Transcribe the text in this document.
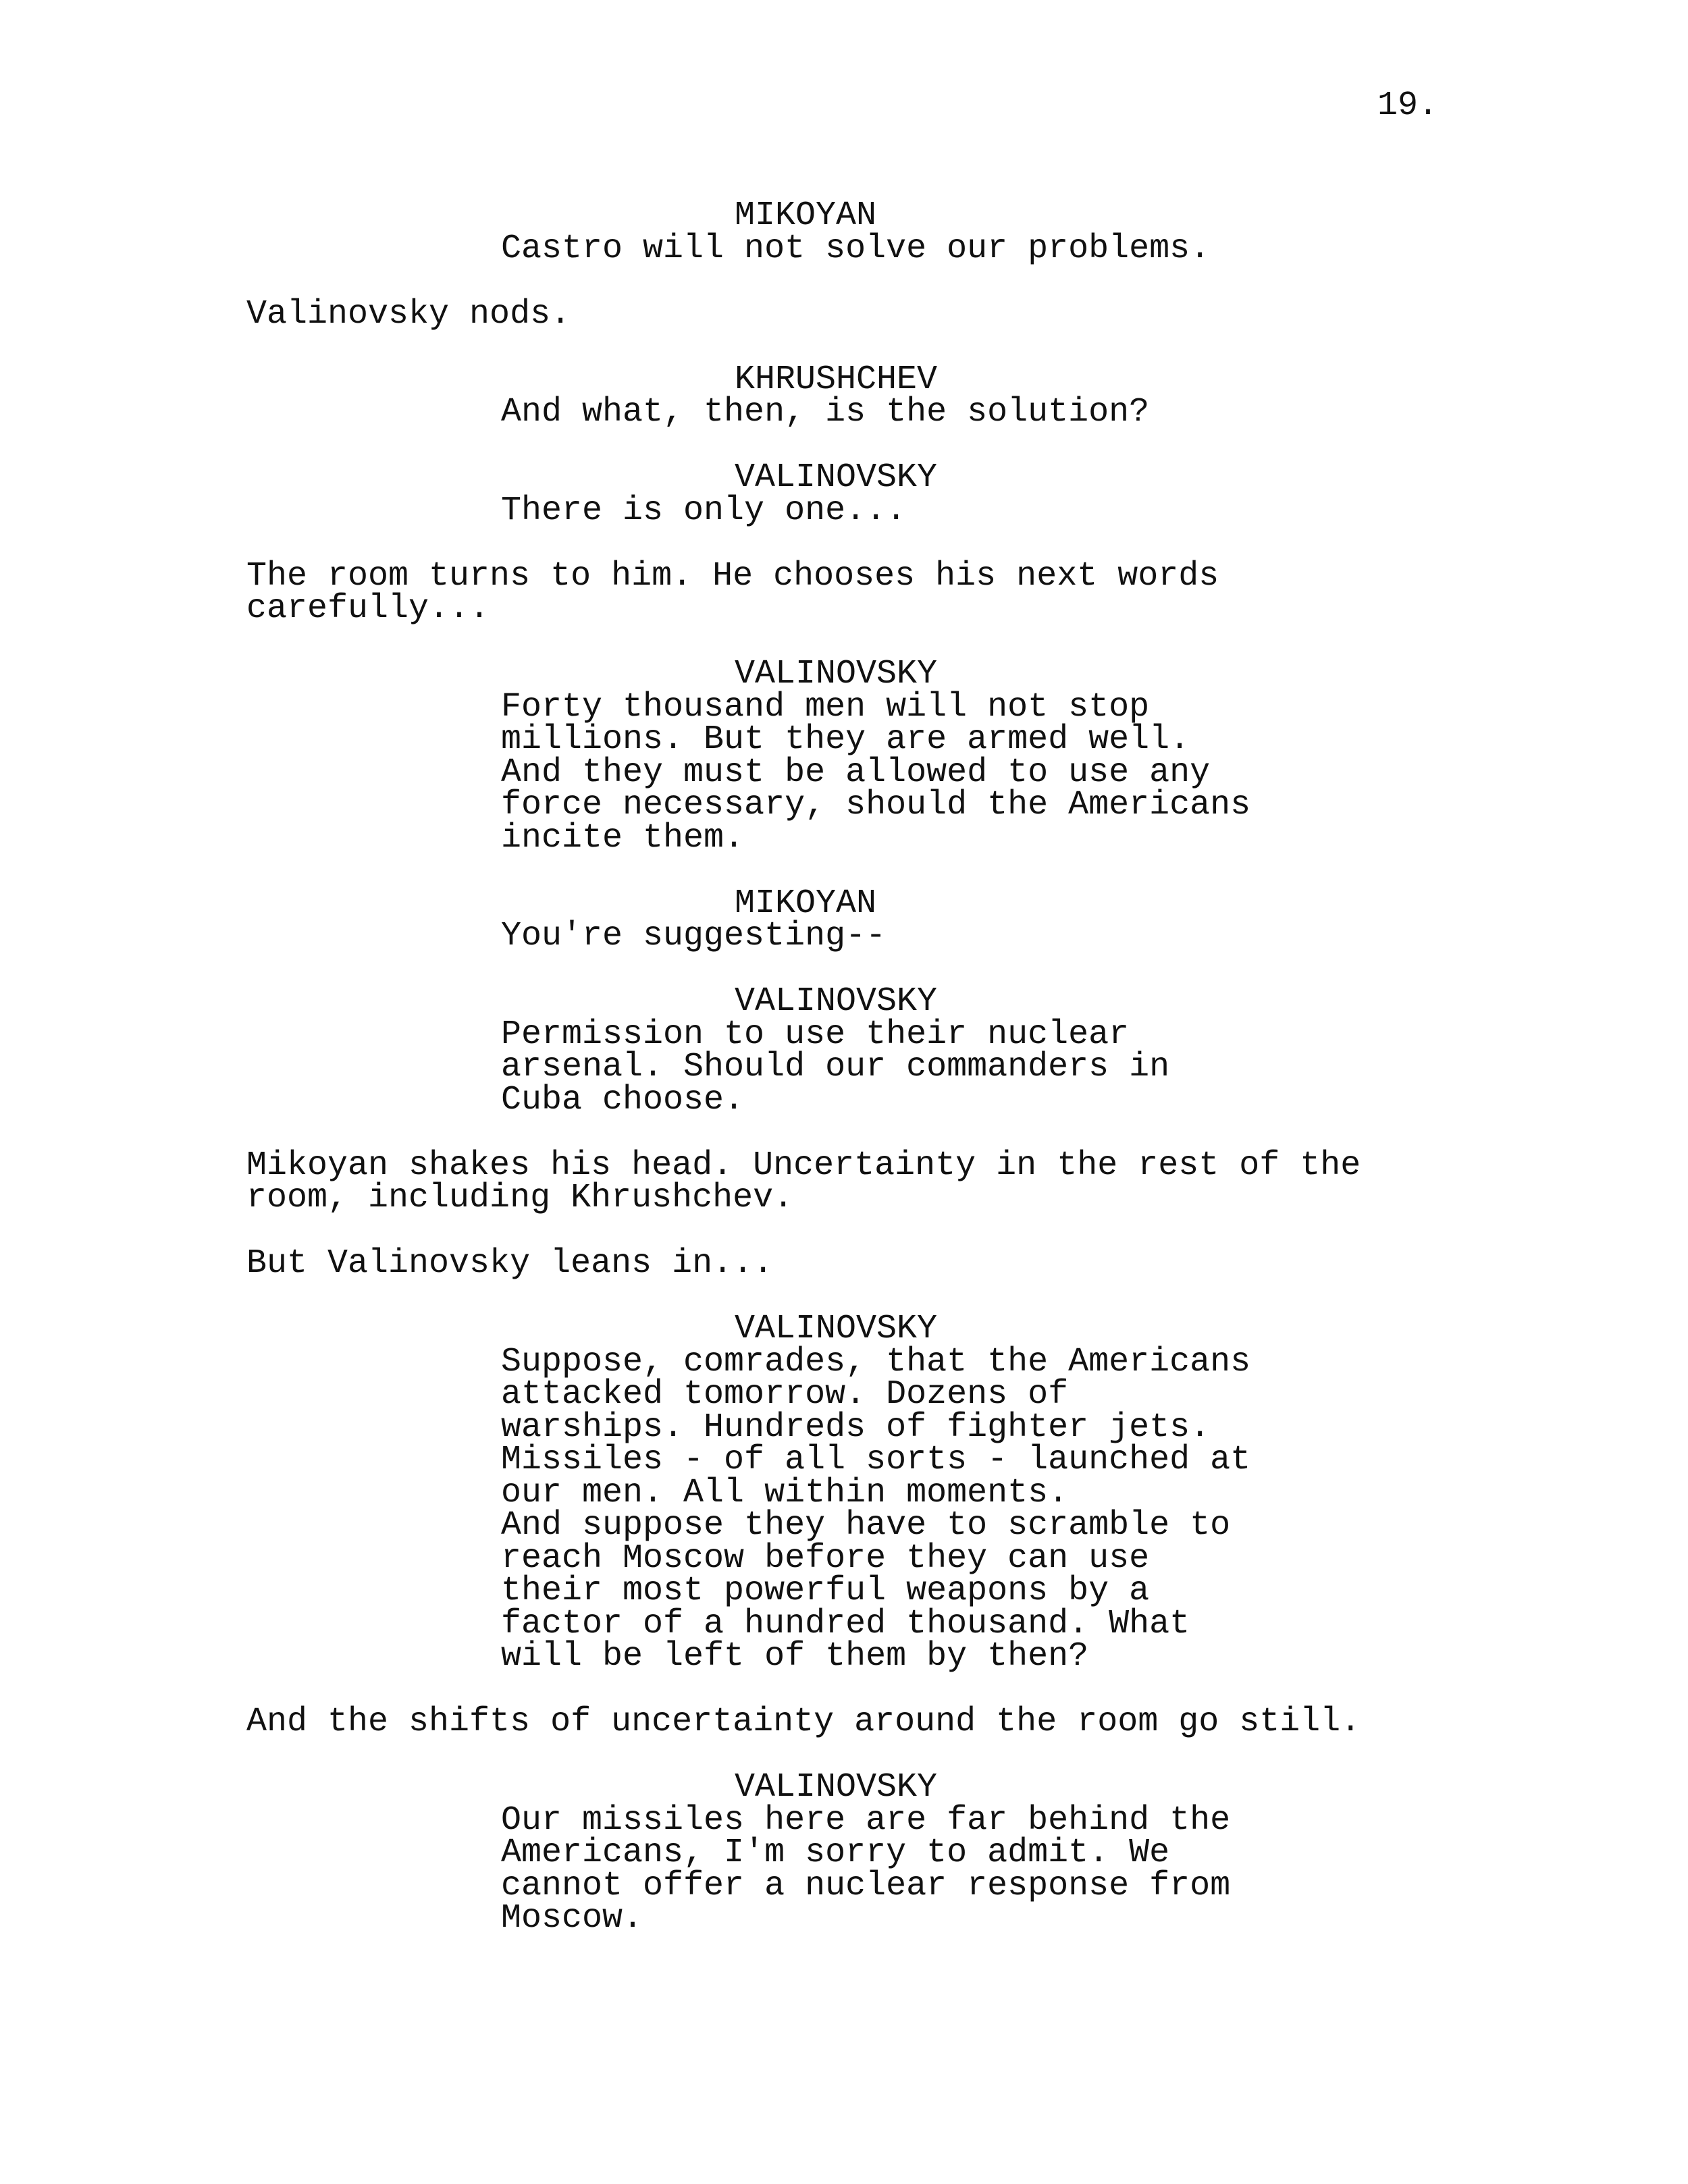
19.
MIKOYAN
Castro will not solve our problems.
Valinovsky nods.
KHRUSHCHEV
And what, then, is the solution?
VALINOVSKY
There is only one...
The room turns to him. He chooses his next words
carefully...
VALINOVSKY
Forty thousand men will not stop
millions. But they are armed well.
And they must be allowed to use any
force necessary, should the Americans
incite them.
MIKOYAN
You're suggesting--
VALINOVSKY
Permission to use their nuclear
arsenal. Should our commanders in
Cuba choose.
Mikoyan shakes his head. Uncertainty in the rest of the
room, including Khrushchev.
But Valinovsky leans in...
VALINOVSKY
Suppose, comrades, that the Americans
attacked tomorrow. Dozens of
warships. Hundreds of fighter jets.
Missiles - of all sorts - launched at
our men. All within moments.
And suppose they have to scramble to
reach Moscow before they can use
their most powerful weapons by a
factor of a hundred thousand. What
will be left of them by then?
And the shifts of uncertainty around the room go still.
VALINOVSKY
Our missiles here are far behind the
Americans, I'm sorry to admit. We
cannot offer a nuclear response from
Moscow.
